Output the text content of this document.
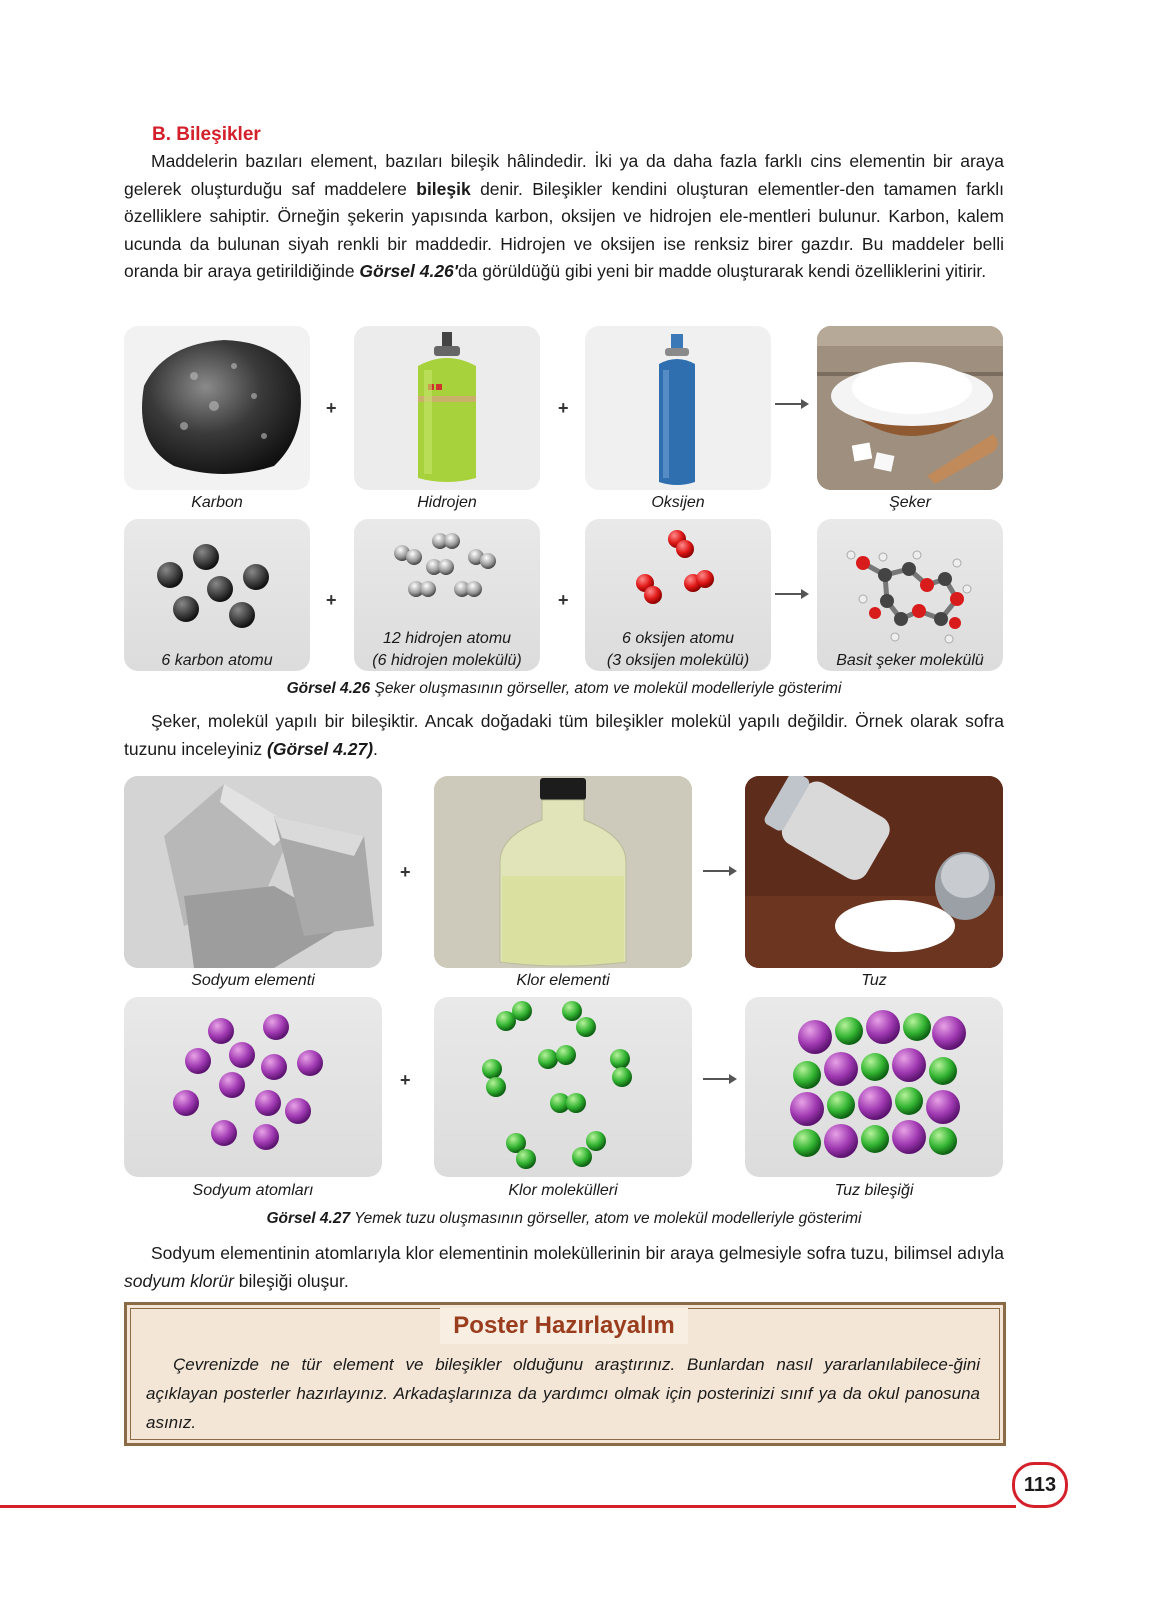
B. Bileşikler

Maddelerin bazıları element, bazıları bileşik hâlindedir. İki ya da daha fazla farklı cins elementin bir araya gelerek oluşturduğu saf maddelere bileşik denir. Bileşikler kendini oluşturan elementler-den tamamen farklı özelliklere sahiptir. Örneğin şekerin yapısında karbon, oksijen ve hidrojen ele-mentleri bulunur. Karbon, kalem ucunda da bulunan siyah renkli bir maddedir. Hidrojen ve oksijen ise renksiz birer gazdır. Bu maddeler belli oranda bir araya getirildiğinde Görsel 4.26'da görüldüğü gibi yeni bir madde oluşturarak kendi özelliklerini yitirir.

+	+
Karbon	Hidrojen	Oksijen	Şeker
6 karbon atomu
+
12 hidrojen atomu
(6 hidrojen molekülü)
+
6 oksijen atomu
(3 oksijen molekülü)	Basit şeker molekülü
Görsel 4.26 Şeker oluşmasının görseller, atom ve molekül modelleriyle gösterimi

Şeker, molekül yapılı bir bileşiktir. Ancak doğadaki tüm bileşikler molekül yapılı değildir. Örnek olarak sofra tuzunu inceleyiniz (Görsel 4.27).

+
Sodyum elementi	Klor elementi	Tuz
+
Sodyum atomları	Klor molekülleri	Tuz bileşiği
Görsel 4.27 Yemek tuzu oluşmasının görseller, atom ve molekül modelleriyle gösterimi

Sodyum elementinin atomlarıyla klor elementinin moleküllerinin bir araya gelmesiyle sofra tuzu, bilimsel adıyla sodyum klorür bileşiği oluşur.

Poster Hazırlayalım
Çevrenizde ne tür element ve bileşikler olduğunu araştırınız. Bunlardan nasıl yararlanılabilece-ğini açıklayan posterler hazırlayınız. Arkadaşlarınıza da yardımcı olmak için posterinizi sınıf ya da okul panosuna asınız.
113
